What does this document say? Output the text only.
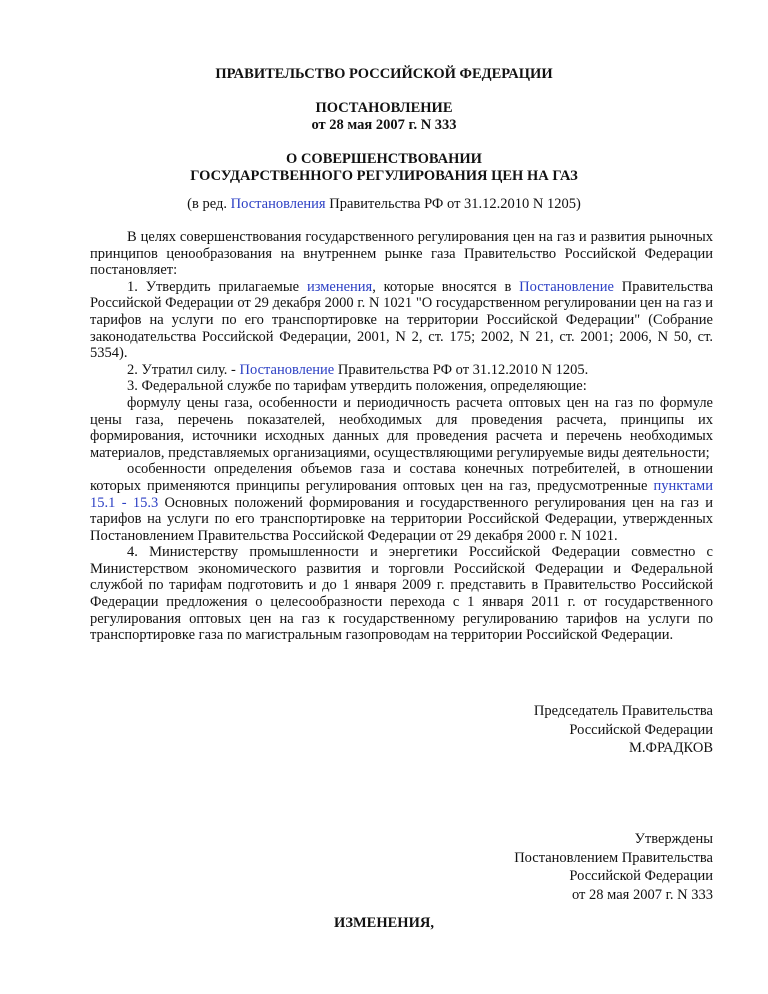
ПРАВИТЕЛЬСТВО РОССИЙСКОЙ ФЕДЕРАЦИИ
ПОСТАНОВЛЕНИЕ
от 28 мая 2007 г. N 333
О СОВЕРШЕНСТВОВАНИИ
ГОСУДАРСТВЕННОГО РЕГУЛИРОВАНИЯ ЦЕН НА ГАЗ
(в ред. Постановления Правительства РФ от 31.12.2010 N 1205)

В целях совершенствования государственного регулирования цен на газ и развития рыночных принципов ценообразования на внутреннем рынке газа Правительство Российской Федерации постановляет:

1. Утвердить прилагаемые изменения, которые вносятся в Постановление Правительства Российской Федерации от 29 декабря 2000 г. N 1021 "О государственном регулировании цен на газ и тарифов на услуги по его транспортировке на территории Российской Федерации" (Собрание законодательства Российской Федерации, 2001, N 2, ст. 175; 2002, N 21, ст. 2001; 2006, N 50, ст. 5354).

2. Утратил силу. - Постановление Правительства РФ от 31.12.2010 N 1205.

3. Федеральной службе по тарифам утвердить положения, определяющие:

формулу цены газа, особенности и периодичность расчета оптовых цен на газ по формуле цены газа, перечень показателей, необходимых для проведения расчета, принципы их формирования, источники исходных данных для проведения расчета и перечень необходимых материалов, представляемых организациями, осуществляющими регулируемые виды деятельности;

особенности определения объемов газа и состава конечных потребителей, в отношении которых применяются принципы регулирования оптовых цен на газ, предусмотренные пунктами 15.1 - 15.3 Основных положений формирования и государственного регулирования цен на газ и тарифов на услуги по его транспортировке на территории Российской Федерации, утвержденных Постановлением Правительства Российской Федерации от 29 декабря 2000 г. N 1021.

4. Министерству промышленности и энергетики Российской Федерации совместно с Министерством экономического развития и торговли Российской Федерации и Федеральной службой по тарифам подготовить и до 1 января 2009 г. представить в Правительство Российской Федерации предложения о целесообразности перехода с 1 января 2011 г. от государственного регулирования оптовых цен на газ к государственному регулированию тарифов на услуги по транспортировке газа по магистральным газопроводам на территории Российской Федерации.

Председатель Правительства
Российской Федерации
М.ФРАДКОВ
Утверждены
Постановлением Правительства
Российской Федерации
от 28 мая 2007 г. N 333
ИЗМЕНЕНИЯ,
